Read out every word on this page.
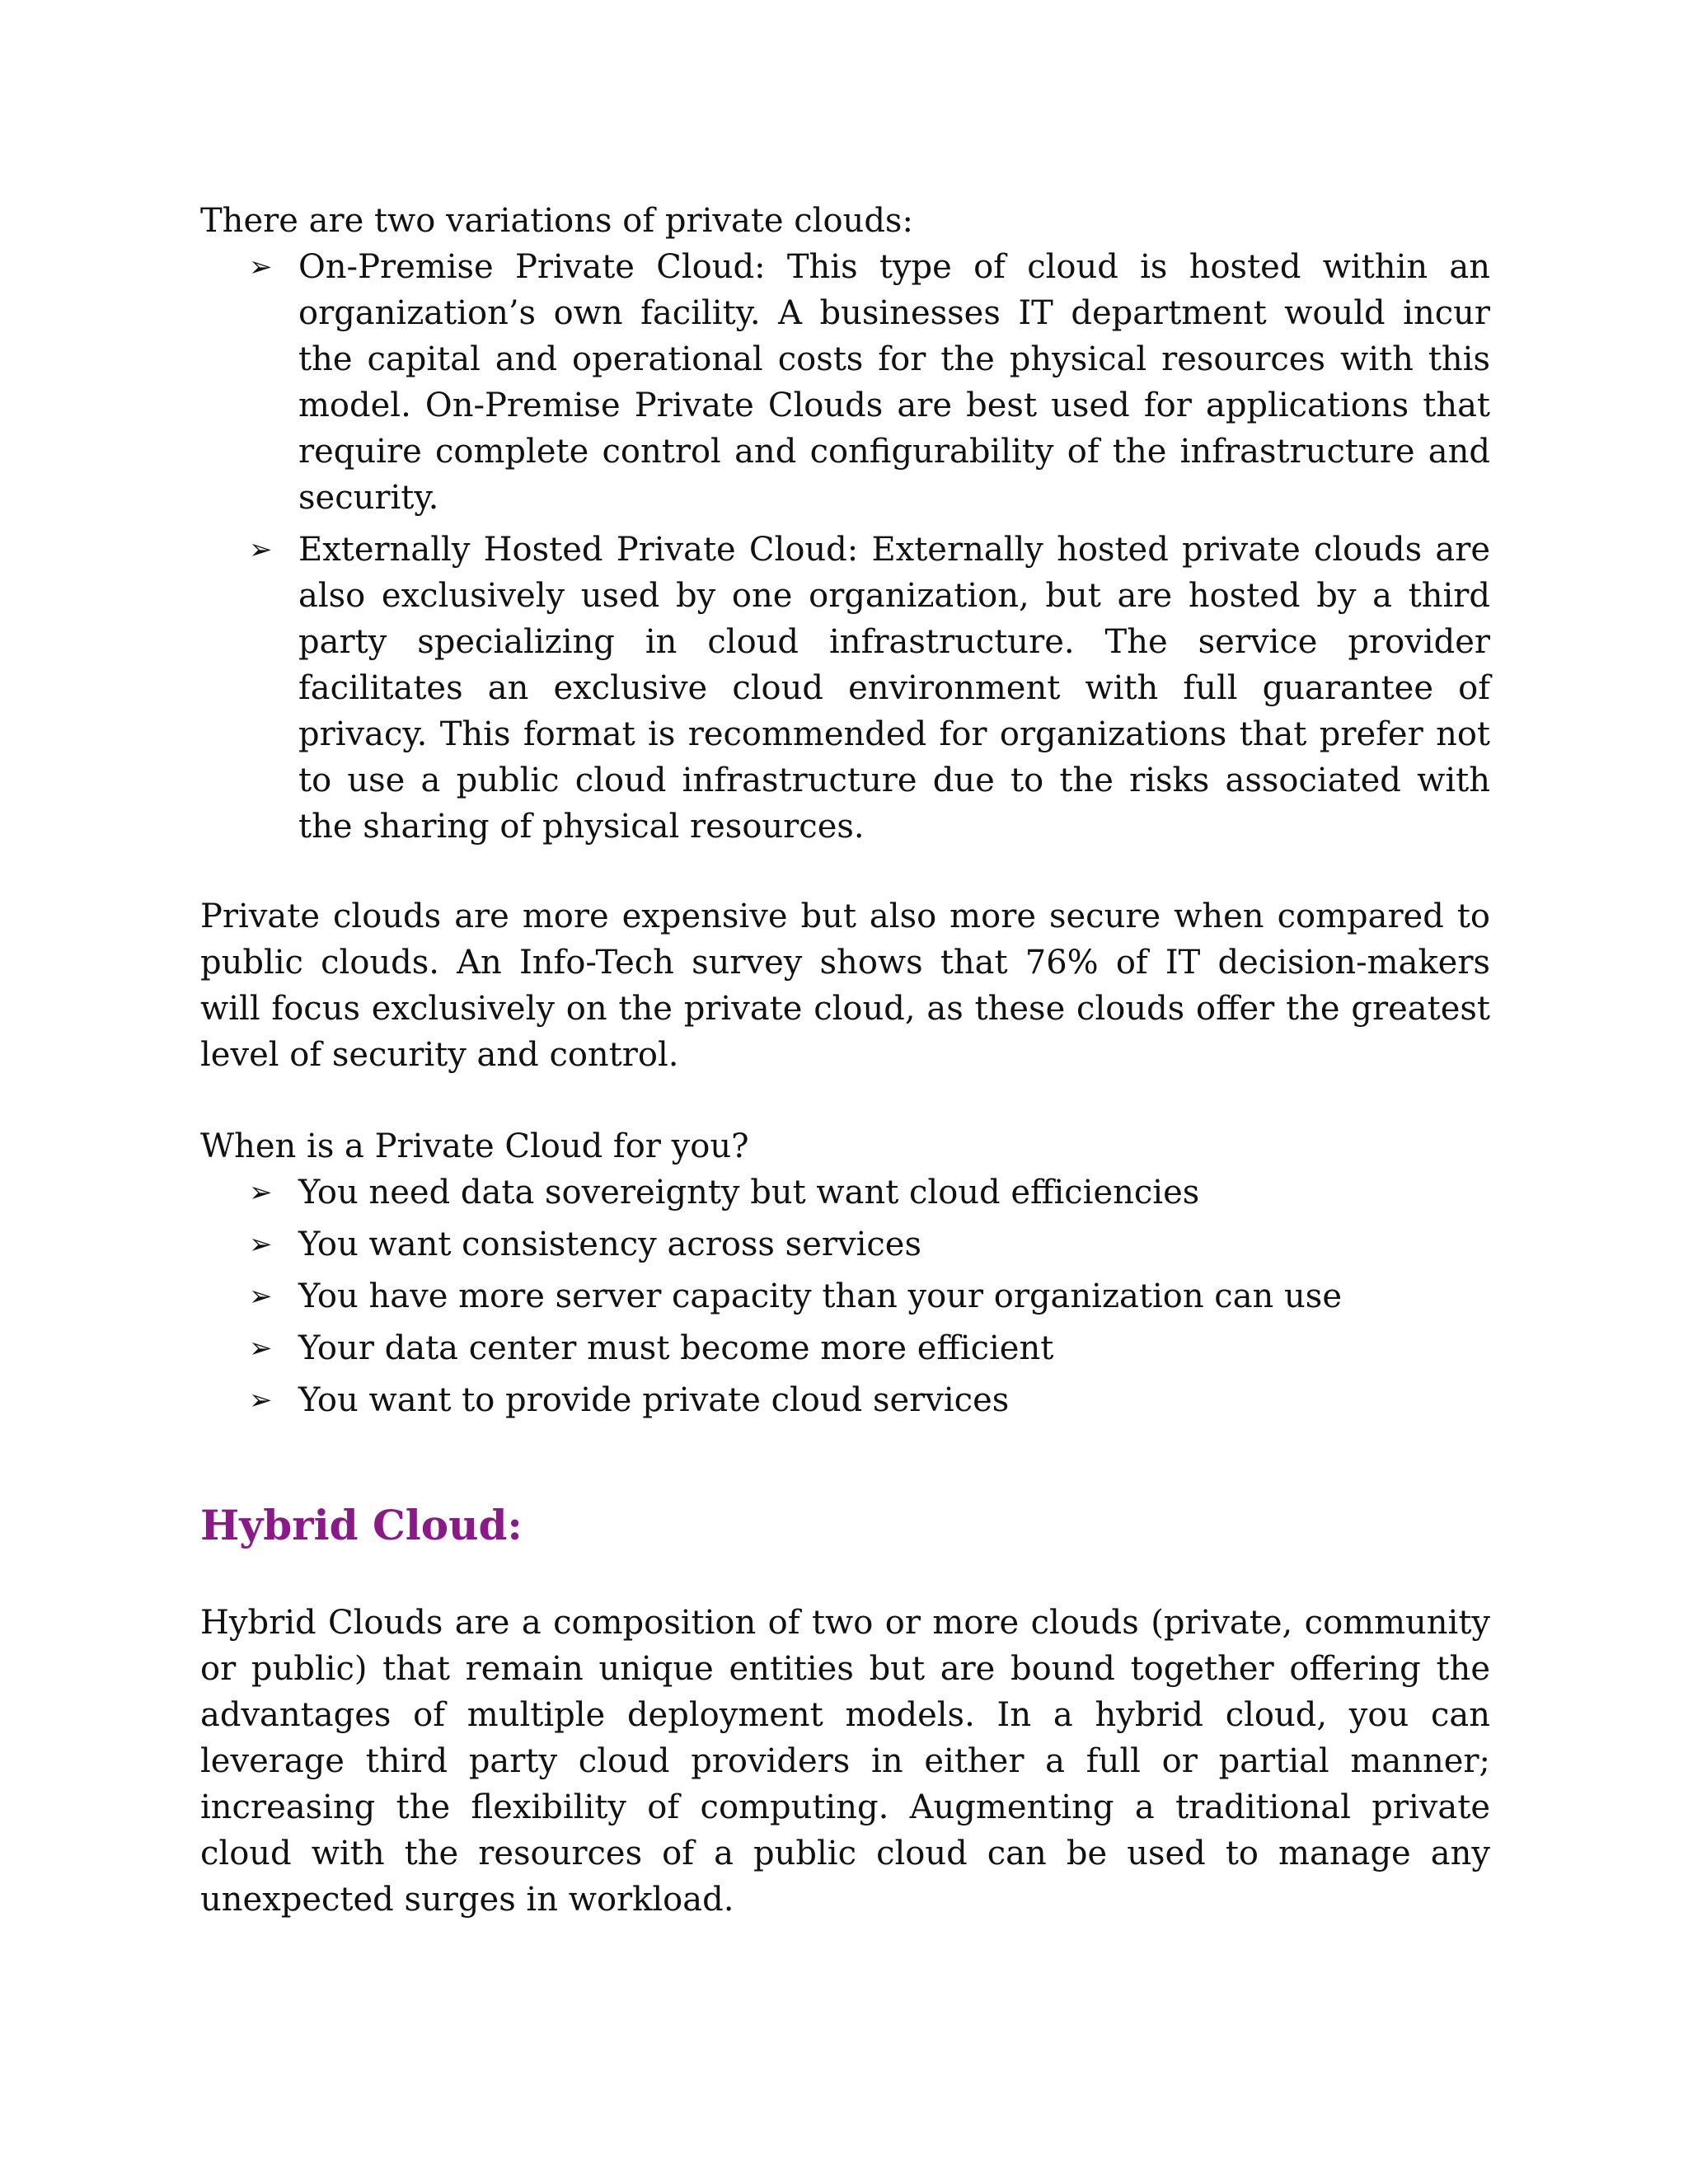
There are two variations of private clouds:

➢ On-Premise Private Cloud: This type of cloud is hosted within an organization’s own facility. A businesses IT department would incur the capital and operational costs for the physical resources with this model. On-Premise Private Clouds are best used for applications that require complete control and configurability of the infrastructure and security.
➢ Externally Hosted Private Cloud: Externally hosted private clouds are also exclusively used by one organization, but are hosted by a third party specializing in cloud infrastructure. The service provider facilitates an exclusive cloud environment with full guarantee of privacy. This format is recommended for organizations that prefer not to use a public cloud infrastructure due to the risks associated with the sharing of physical resources.

Private clouds are more expensive but also more secure when compared to public clouds. An Info-Tech survey shows that 76% of IT decision-makers will focus exclusively on the private cloud, as these clouds offer the greatest level of security and control.

When is a Private Cloud for you?

➢ You need data sovereignty but want cloud efficiencies
➢ You want consistency across services
➢ You have more server capacity than your organization can use
➢ Your data center must become more efficient
➢ You want to provide private cloud services
Hybrid Cloud:

Hybrid Clouds are a composition of two or more clouds (private, community or public) that remain unique entities but are bound together offering the advantages of multiple deployment models. In a hybrid cloud, you can leverage third party cloud providers in either a full or partial manner; increasing the flexibility of computing. Augmenting a traditional private cloud with the resources of a public cloud can be used to manage any unexpected surges in workload.
